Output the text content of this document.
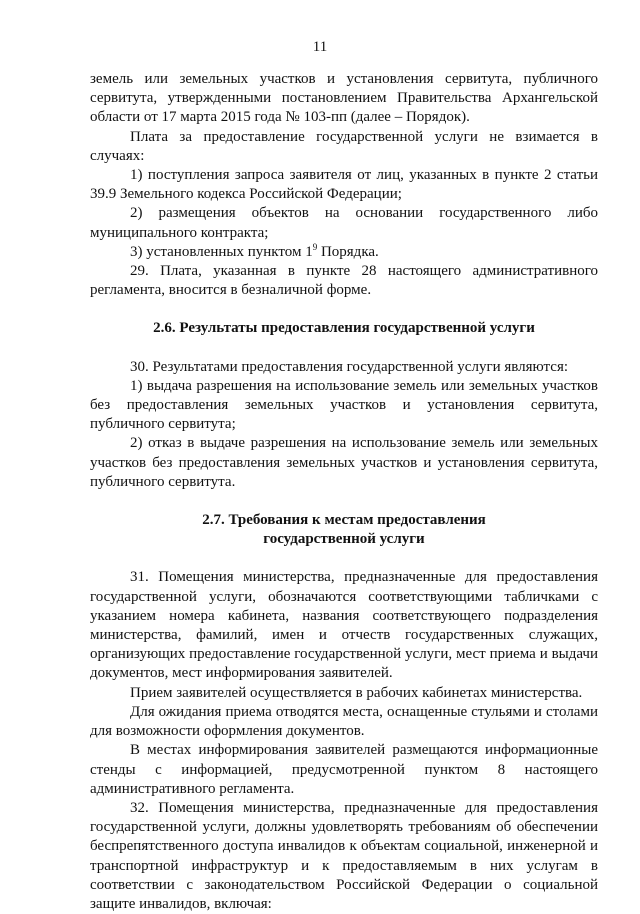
11

земель или земельных участков и установления сервитута, публичного сервитута, утвержденными постановлением Правительства Архангельской области от 17 марта 2015 года № 103-пп (далее – Порядок).

Плата за предоставление государственной услуги не взимается в случаях:

1) поступления запроса заявителя от лиц, указанных в пункте 2 статьи 39.9 Земельного кодекса Российской Федерации;

2) размещения объектов на основании государственного либо муниципального контракта;

3) установленных пунктом $1^9$ Порядка.

29. Плата, указанная в пункте 28 настоящего административного регламента, вносится в безналичной форме.

2.6. Результаты предоставления государственной услуги

30. Результатами предоставления государственной услуги являются:

1) выдача разрешения на использование земель или земельных участков без предоставления земельных участков и установления сервитута, публичного сервитута;

2) отказ в выдаче разрешения на использование земель или земельных участков без предоставления земельных участков и установления сервитута, публичного сервитута.

2.7. Требования к местам предоставления

государственной услуги

31. Помещения министерства, предназначенные для предоставления государственной услуги, обозначаются соответствующими табличками с указанием номера кабинета, названия соответствующего подразделения министерства, фамилий, имен и отчеств государственных служащих, организующих предоставление государственной услуги, мест приема и выдачи документов, мест информирования заявителей.

Прием заявителей осуществляется в рабочих кабинетах министерства.

Для ожидания приема отводятся места, оснащенные стульями и столами для возможности оформления документов.

В местах информирования заявителей размещаются информационные стенды с информацией, предусмотренной пунктом 8 настоящего административного регламента.

32. Помещения министерства, предназначенные для предоставления государственной услуги, должны удовлетворять требованиям об обеспечении беспрепятственного доступа инвалидов к объектам социальной, инженерной и транспортной инфраструктур и к предоставляемым в них услугам в соответствии с законодательством Российской Федерации о социальной защите инвалидов, включая:
